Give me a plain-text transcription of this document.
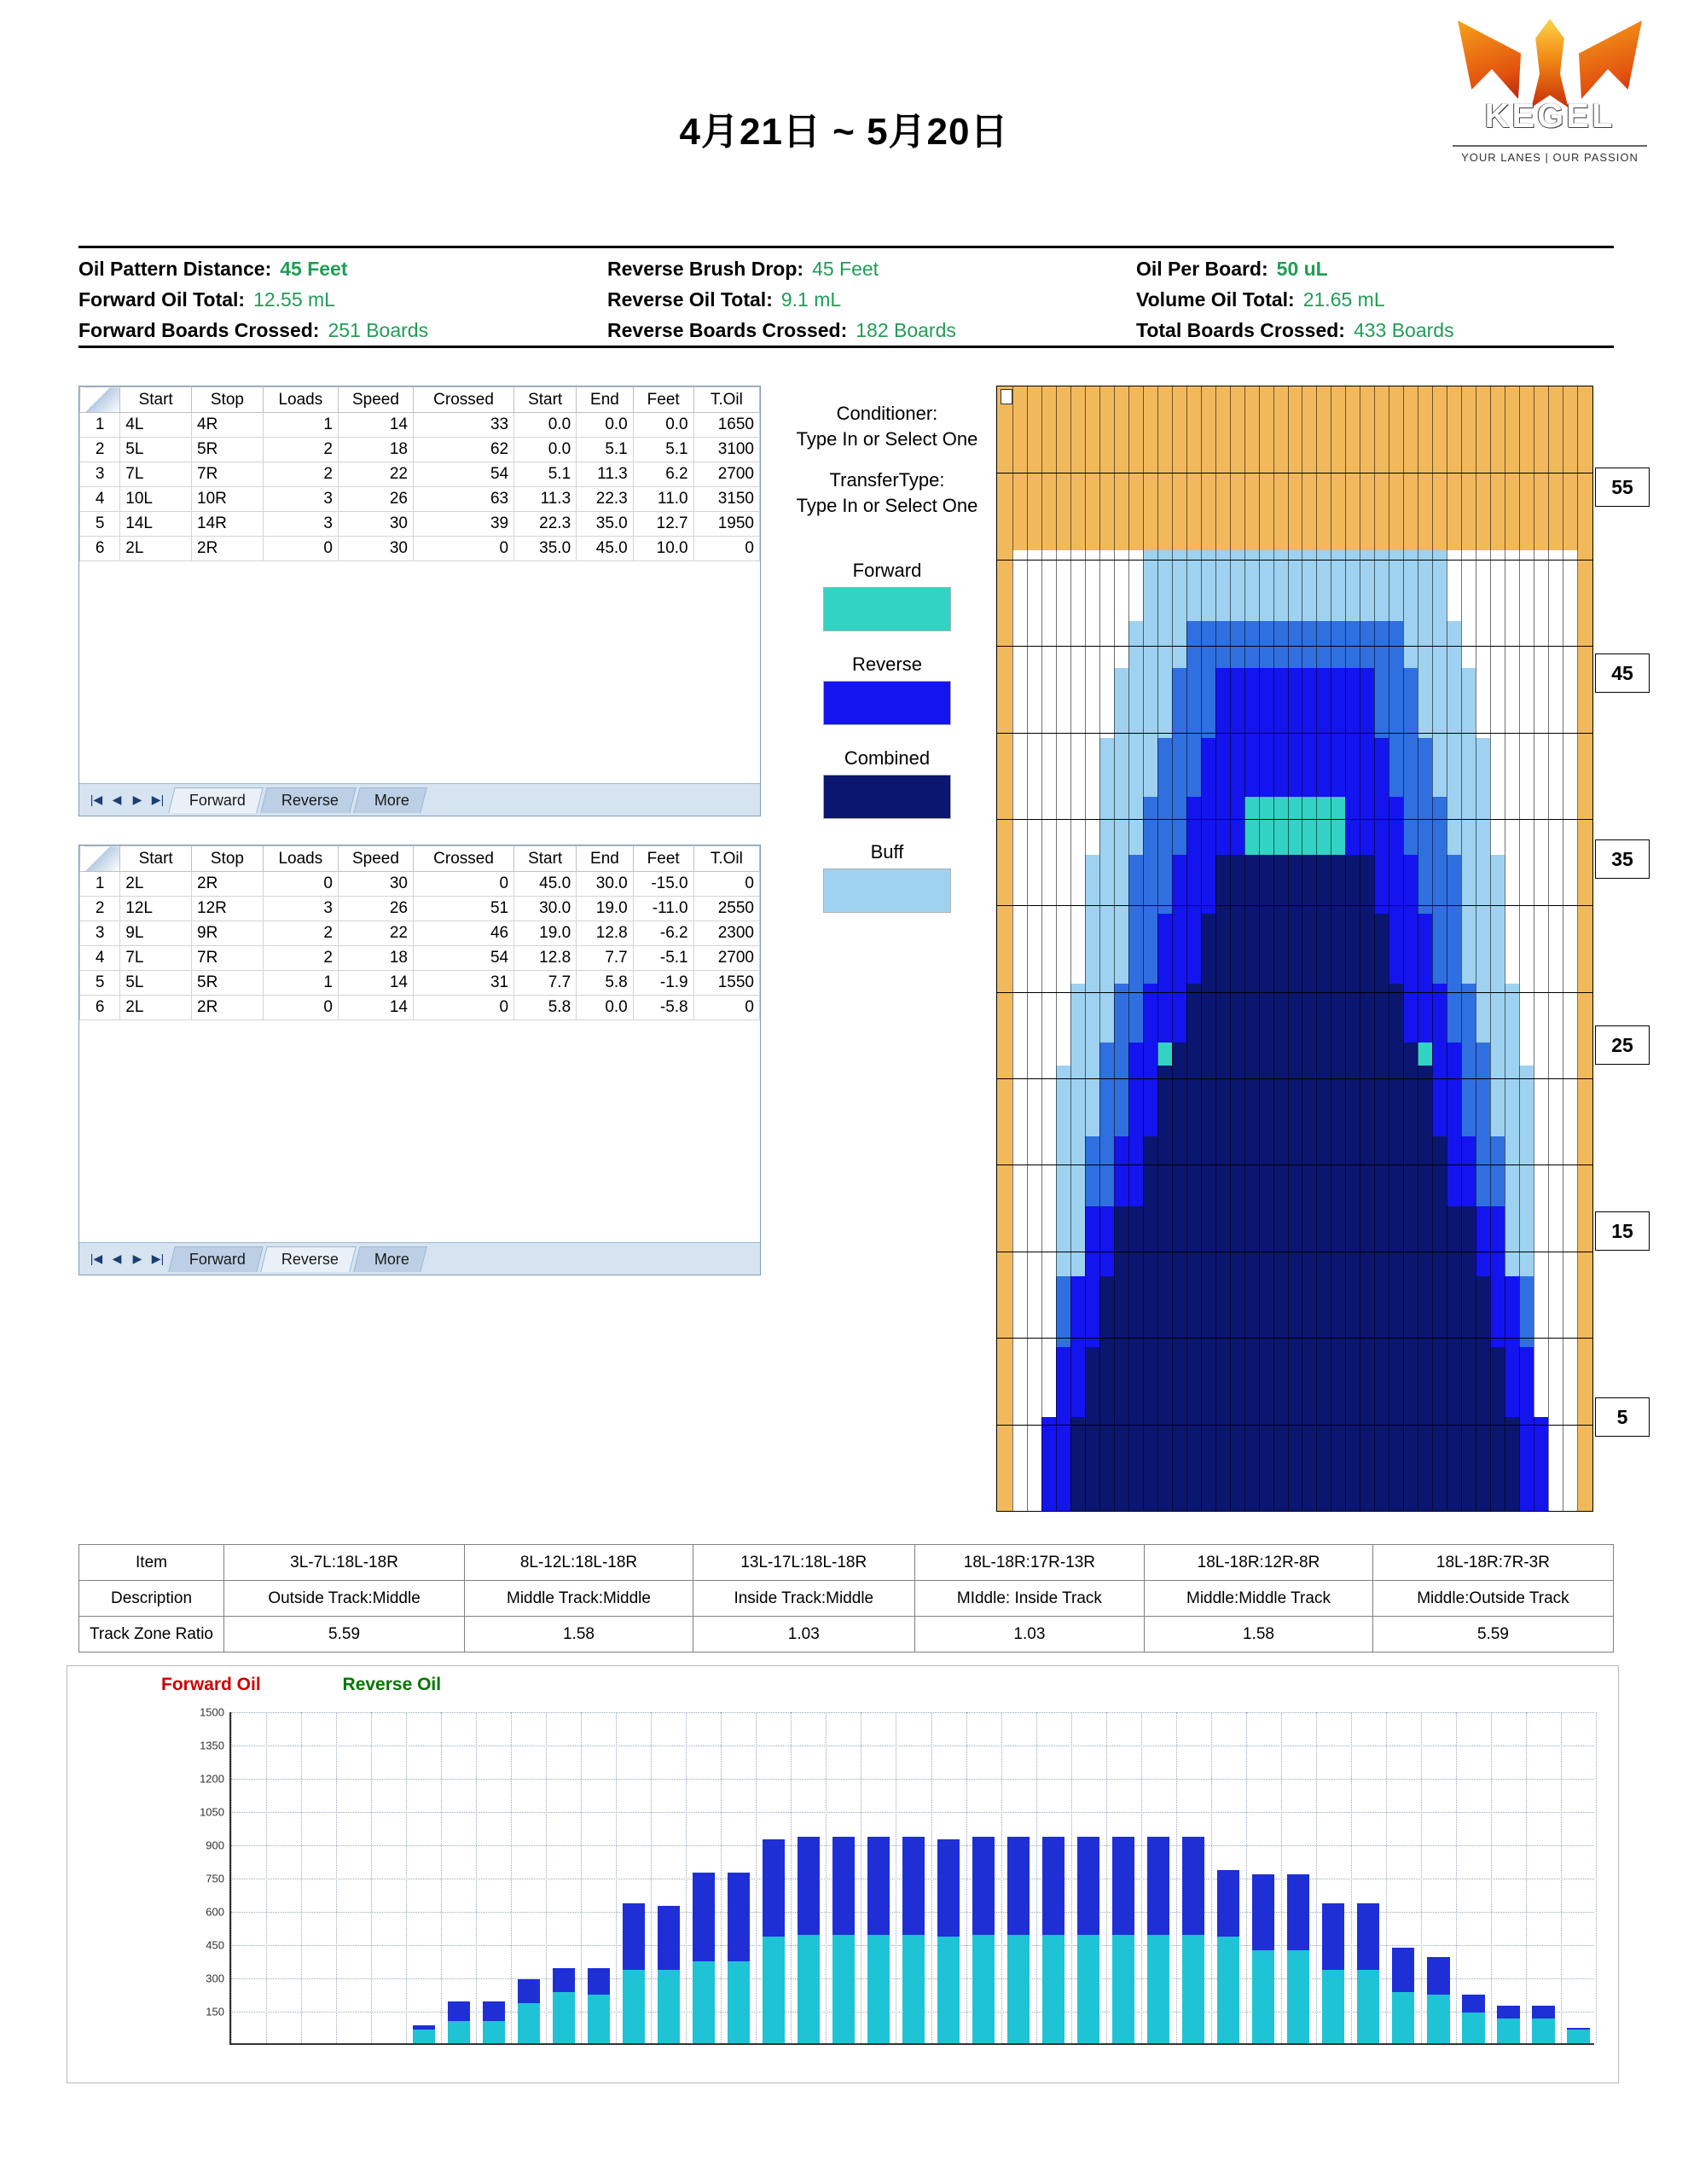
4月21日 ~ 5月20日	KEGEL
YOUR LANES | OUR PASSION
Oil Pattern Distance: 45 Feet	Reverse Brush Drop: 45 Feet	Oil Per Board: 50 uL
Forward Oil Total: 12.55 mL	Reverse Oil Total: 9.1 mL	Volume Oil Total: 21.65 mL
Forward Boards Crossed: 251 Boards	Reverse Boards Crossed: 182 Boards	Total Boards Crossed: 433 Boards
	Start	Stop	Loads	Speed	Crossed	Start	End	Feet	T.Oil
1	4L	4R	1	14	33	0.0	0.0	0.0	1650
2	5L	5R	2	18	62	0.0	5.1	5.1	3100
3	7L	7R	2	22	54	5.1	11.3	6.2	2700
4	10L	10R	3	26	63	11.3	22.3	11.0	3150
5	14L	14R	3	30	39	22.3	35.0	12.7	1950
6	2L	2R	0	30	0	35.0	45.0	10.0	0

|◀ ◀ ▶ ▶| Forward Reverse More
	Start	Stop	Loads	Speed	Crossed	Start	End	Feet	T.Oil
1	2L	2R	0	30	0	45.0	30.0	-15.0	0
2	12L	12R	3	26	51	30.0	19.0	-11.0	2550
3	9L	9R	2	22	46	19.0	12.8	-6.2	2300
4	7L	7R	2	18	54	12.8	7.7	-5.1	2700
5	5L	5R	1	14	31	7.7	5.8	-1.9	1550
6	2L	2R	0	14	0	5.8	0.0	-5.8	0

|◀ ◀ ▶ ▶| Forward Reverse More
Conditioner:
Type In or Select One
TransferType:
Type In or Select One
Forward
Reverse
Combined
Buff
55
45
35
25
15
5
Item	3L-7L:18L-18R	8L-12L:18L-18R	13L-17L:18L-18R	18L-18R:17R-13R	18L-18R:12R-8R	18L-18R:7R-3R
Description	Outside Track:Middle	Middle Track:Middle	Inside Track:Middle	MIddle: Inside Track	Middle:Middle Track	Middle:Outside Track
Track Zone Ratio	5.59	1.58	1.03	1.03	1.58	5.59
Forward Oil	Reverse Oil
150
300
450
600
750
900
1050
1200
1350
1500
